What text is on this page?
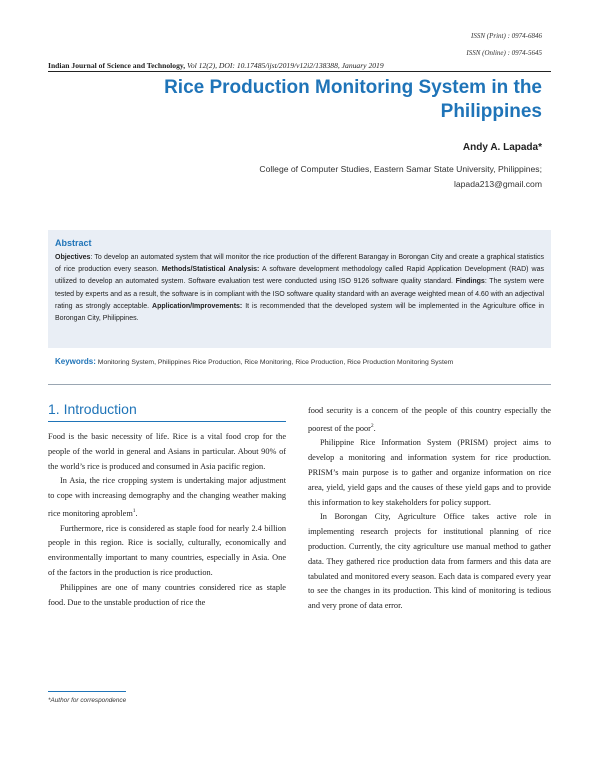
ISSN (Print) : 0974-6846
ISSN (Online) : 0974-5645
Indian Journal of Science and Technology, Vol 12(2), DOI: 10.17485/ijst/2019/v12i2/138388, January 2019
Rice Production Monitoring System in the Philippines
Andy A. Lapada*
College of Computer Studies, Eastern Samar State University, Philippines;
lapada213@gmail.com
Abstract
Objectives: To develop an automated system that will monitor the rice production of the different Barangay in Borongan City and create a graphical statistics of rice production every season. Methods/Statistical Analysis: A software development methodology called Rapid Application Development (RAD) was utilized to develop an automated system. Software evaluation test were conducted using ISO 9126 software quality standard. Findings: The system were tested by experts and as a result, the software is in compliant with the ISO software quality standard with an average weighted mean of 4.60 with an adjectival rating as strongly acceptable. Application/Improvements: It is recommended that the developed system will be implemented in the Agriculture office in Borongan City, Philippines.
Keywords: Monitoring System, Philippines Rice Production, Rice Monitoring, Rice Production, Rice Production Monitoring System
1. Introduction

Food is the basic necessity of life. Rice is a vital food crop for the people of the world in general and Asians in particular. About 90% of the world’s rice is produced and consumed in Asia pacific region.

In Asia, the rice cropping system is undertaking major adjustment to cope with increasing demography and the changing weather making rice monitoring aproblem$^1$.

Furthermore, rice is considered as staple food for nearly 2.4 billion people in this region. Rice is socially, culturally, economically and environmentally important to many countries, especially in Asia. One of the factors in the production is rice production.

Philippines are one of many countries considered rice as staple food. Due to the unstable production of rice the

food security is a concern of the people of this country especially the poorest of the poor$^2$.

Philippine Rice Information System (PRISM) project aims to develop a monitoring and information system for rice production. PRISM’s main purpose is to gather and organize information on rice area, yield, yield gaps and the causes of these yield gaps and to provide this information to key stakeholders for policy support.

In Borongan City, Agriculture Office takes active role in implementing research projects for institutional planning of rice production. Currently, the city agriculture use manual method to gather data. They gathered rice production data from farmers and this data are tabulated and monitored every season. Each data is compared every year to see the changes in its production. This kind of monitoring is tedious and very prone of data error.

*Author for correspondence
